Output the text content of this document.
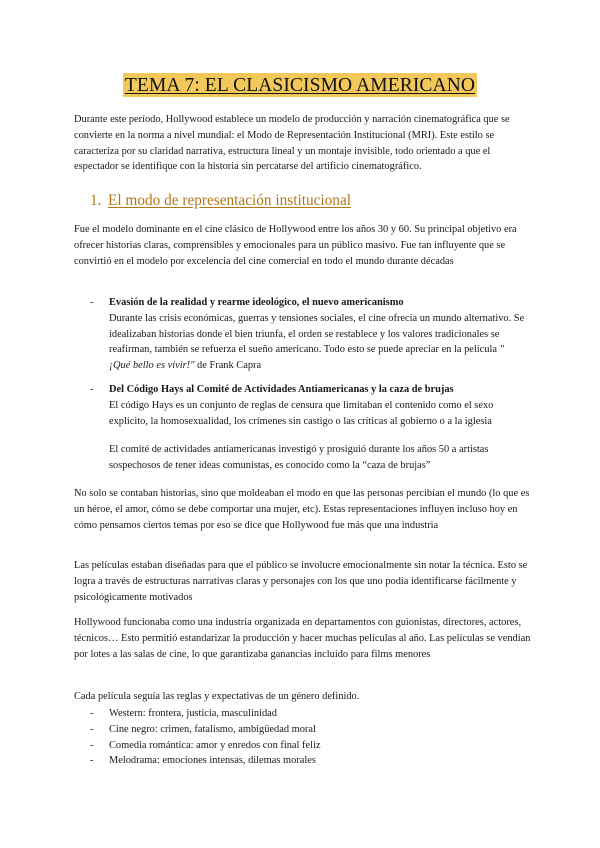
TEMA 7: EL CLASICISMO AMERICANO

Durante este período, Hollywood establece un modelo de producción y narración cinematográfica que se convierte en la norma a nivel mundial: el Modo de Representación Institucional (MRI). Este estilo se caracteriza por su claridad narrativa, estructura lineal y un montaje invisible, todo orientado a que el espectador se identifique con la historia sin percatarse del artificio cinematográfico.

1. El modo de representación institucional

Fue el modelo dominante en el cine clásico de Hollywood entre los años 30 y 60. Su principal objetivo era ofrecer historias claras, comprensibles y emocionales para un público masivo. Fue tan influyente que se convirtió en el modelo por excelencia del cine comercial en todo el mundo durante décadas

-	Evasión de la realidad y rearme ideológico, el nuevo americanismo
Durante las crisis económicas, guerras y tensiones sociales, el cine ofrecía un mundo alternativo. Se idealizaban historias donde el bien triunfa, el orden se restablece y los valores tradicionales se reafirman, también se refuerza el sueño americano. Todo esto se puede apreciar en la película " ¡Qué bello es vivir!" de Frank Capra
-	Del Código Hays al Comité de Actividades Antiamericanas y la caza de brujas
El código Hays es un conjunto de reglas de censura que limitaban el contenido como el sexo explícito, la homosexualidad, los crímenes sin castigo o las críticas al gobierno o a la iglesia
El comité de actividades antiamericanas investigó y prosiguió durante los años 50 a artistas sospechosos de tener ideas comunistas, es conocido como la “caza de brujas”

No solo se contaban historias, sino que moldeaban el modo en que las personas percibían el mundo (lo que es un héroe, el amor, cómo se debe comportar una mujer, etc). Estas representaciones influyen incluso hoy en cómo pensamos ciertos temas por eso se dice que Hollywood fue más que una industria

Las películas estaban diseñadas para que el público se involucre emocionalmente sin notar la técnica. Esto se logra a través de estructuras narrativas claras y personajes con los que uno podía identificarse fácilmente y psicológicamente motivados

Hollywood funcionaba como una industria organizada en departamentos con guionistas, directores, actores, técnicos… Esto permitió estandarizar la producción y hacer muchas películas al año. Las películas se vendían por lotes a las salas de cine, lo que garantizaba ganancias incluido para films menores

Cada película seguía las reglas y expectativas de un género definido.

- Western: frontera, justicia, masculinidad
- Cine negro: crimen, fatalismo, ambigüedad moral
- Comedia romántica: amor y enredos con final feliz
- Melodrama: emociones intensas, dilemas morales
